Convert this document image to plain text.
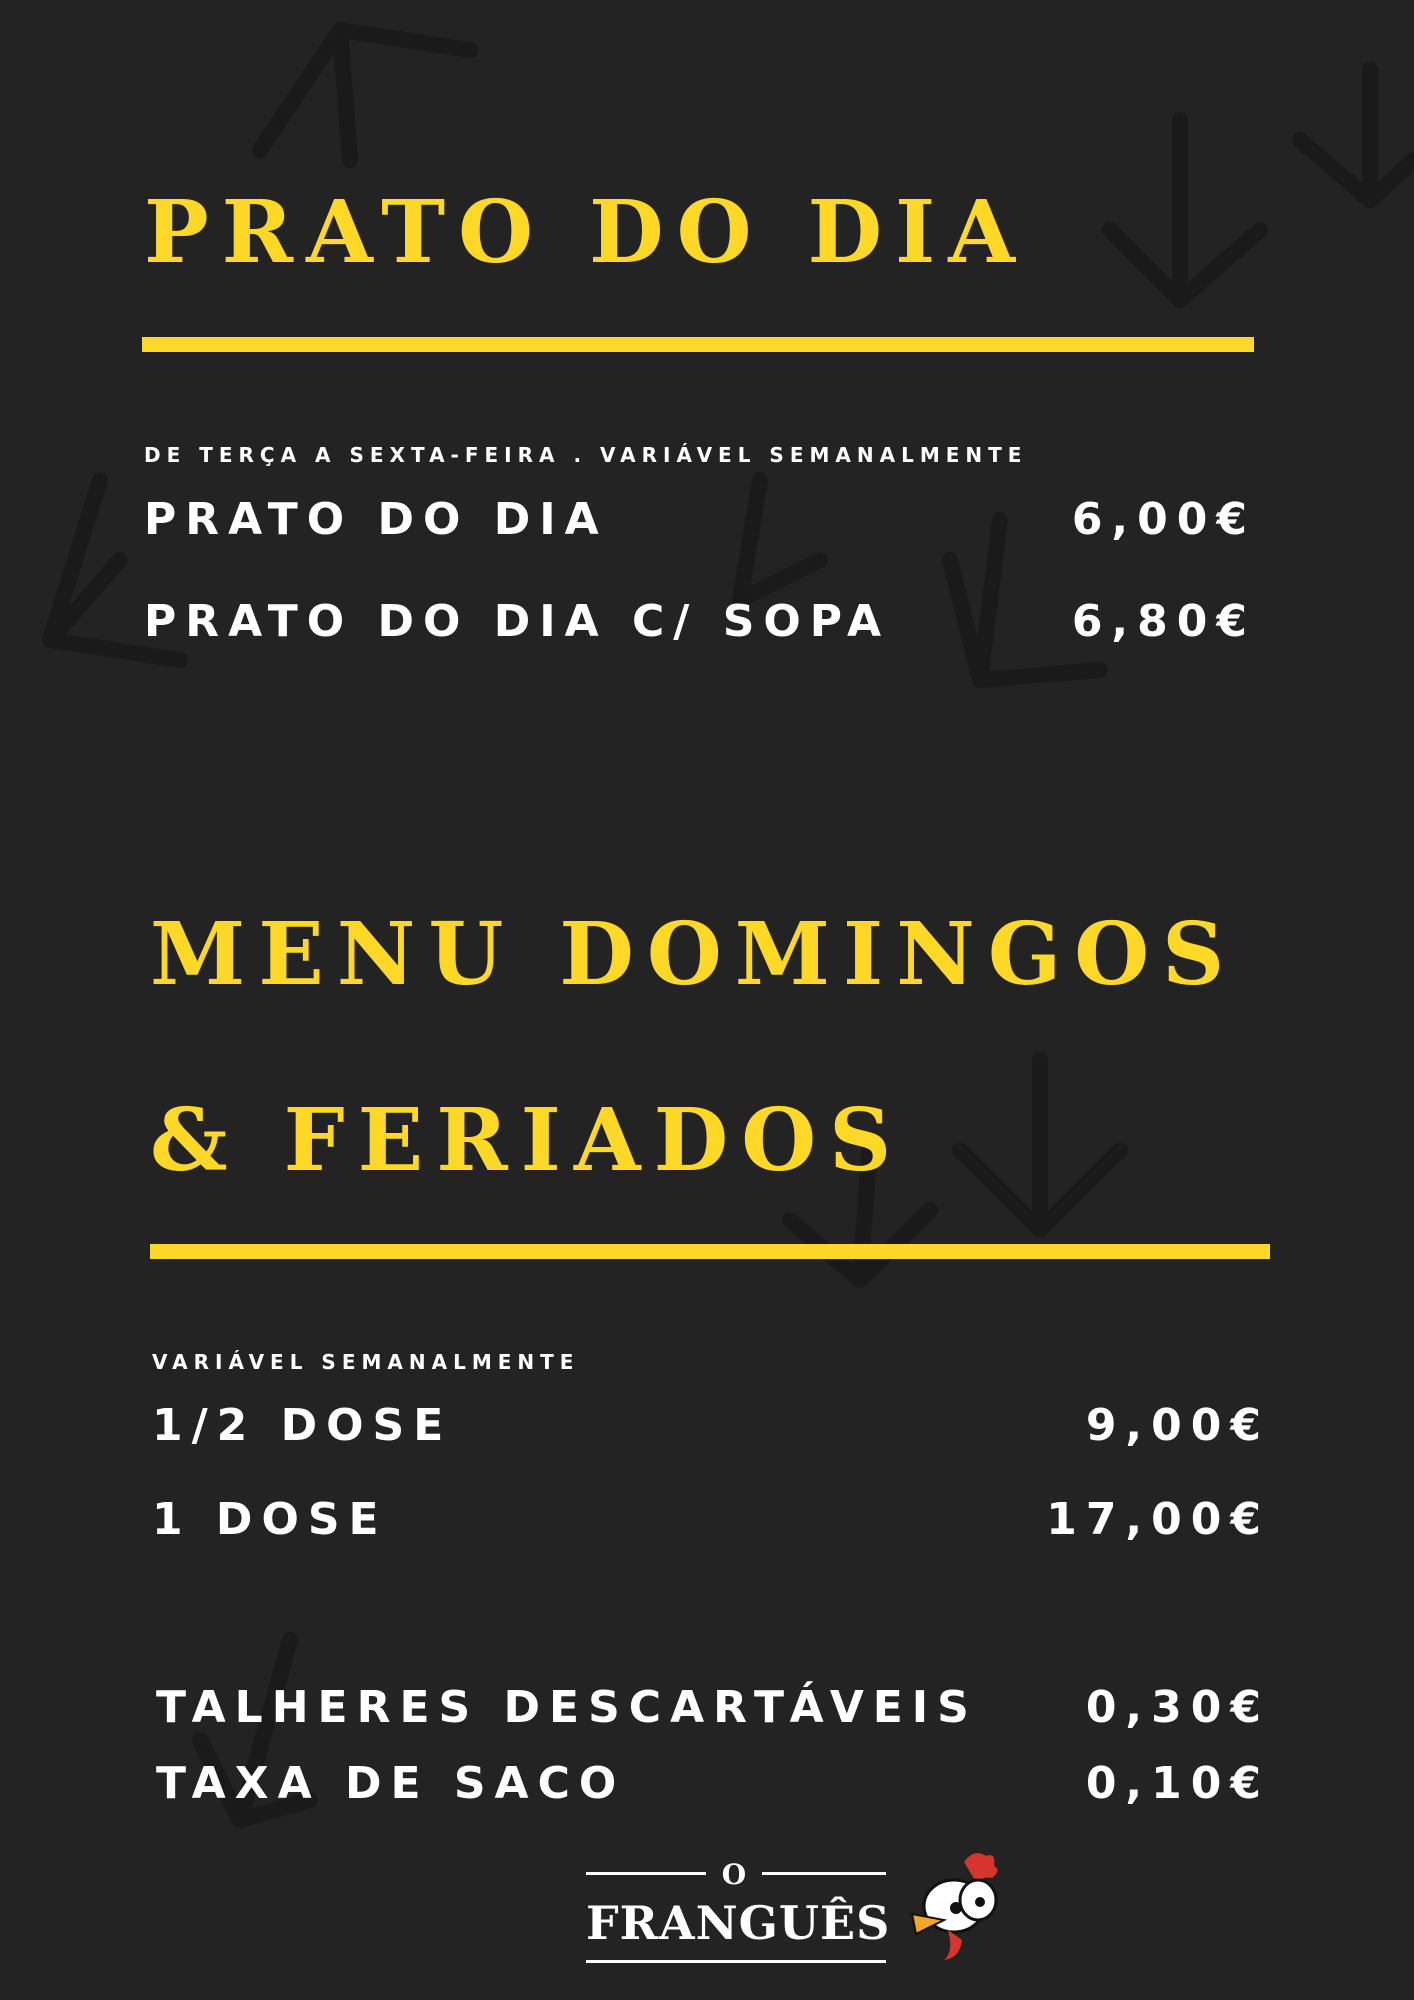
PRATO DO DIA

DE TERÇA A SEXTA-FEIRA . VARIÁVEL SEMANALMENTE

PRATO DO DIA	6,00€
PRATO DO DIA C/ SOPA	6,80€
MENU DOMINGOS
& FERIADOS

VARIÁVEL SEMANALMENTE

1/2 DOSE	9,00€
1 DOSE	17,00€
TALHERES DESCARTÁVEIS 0,30€
TAXA DE SACO	0,10€
O
FRANGUÊS
